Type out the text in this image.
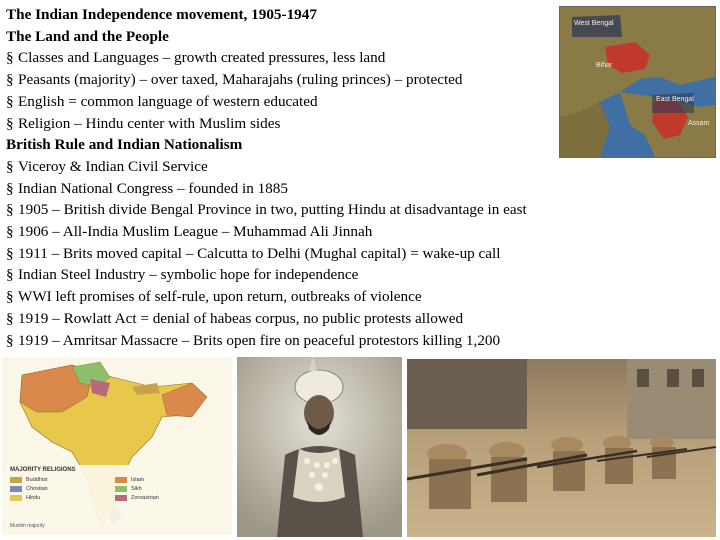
The Indian Independence movement, 1905-1947
The Land and the People
§ Classes and Languages – growth created pressures, less land
§ Peasants (majority) – over taxed, Maharajahs (ruling princes) – protected
§ English = common language of western educated
§ Religion – Hindu center with Muslim sides
British Rule and Indian Nationalism
§ Viceroy & Indian Civil Service
§ Indian National Congress – founded in 1885
§ 1905 – British divide Bengal Province in two, putting Hindu at disadvantage in east
§ 1906 – All-India Muslim League – Muhammad Ali Jinnah
§ 1911 – Brits moved capital – Calcutta to Delhi (Mughal capital) = wake-up call
§ Indian Steel Industry – symbolic hope for independence
§ WWI left promises of self-rule, upon return, outbreaks of violence
§ 1919 – Rowlatt Act = denial of habeas corpus, no public protests allowed
§ 1919 – Amritsar Massacre – Brits open fire on peaceful protestors killing 1,200
West Bengal
East Bengal
Assam
Bihar
MAJORITY RELIGIONS
Buddhist	Islam
Christian	Sikh
Hindu	Zoroastrian
Muslim majority
